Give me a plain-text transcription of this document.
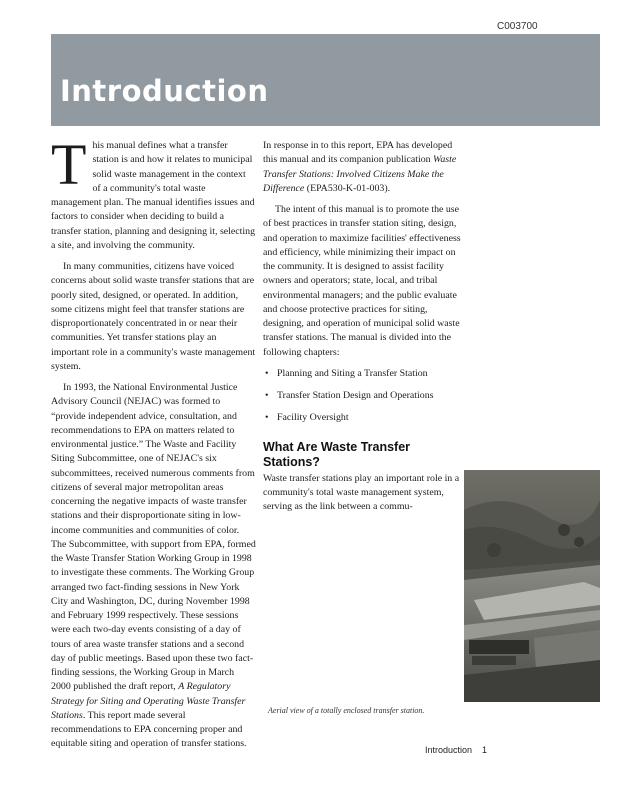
C003700
Introduction

This manual defines what a transfer station is and how it relates to municipal solid waste management in the context of a community's total waste management plan. The manual identifies issues and factors to consider when deciding to build a transfer station, planning and designing it, selecting a site, and involving the community.

In many communities, citizens have voiced concerns about solid waste transfer stations that are poorly sited, designed, or operated. In addition, some citizens might feel that transfer stations are disproportionately concentrated in or near their communities. Yet transfer stations play an important role in a community's waste management system.

In 1993, the National Environmental Justice Advisory Council (NEJAC) was formed to “provide independent advice, consultation, and recommendations to EPA on matters related to environmental justice.” The Waste and Facility Siting Subcommittee, one of NEJAC's six subcommittees, received numerous comments from citizens of several major metropolitan areas concerning the negative impacts of waste transfer stations and their disproportionate siting in low-income communities and communities of color. The Subcommittee, with support from EPA, formed the Waste Transfer Station Working Group in 1998 to investigate these comments. The Working Group arranged two fact-finding sessions in New York City and Washington, DC, during November 1998 and February 1999 respectively. These sessions were each two-day events consisting of a day of tours of area waste transfer stations and a second day of public meetings. Based upon these two fact-finding sessions, the Working Group in March 2000 published the draft report, A Regulatory Strategy for Siting and Operating Waste Transfer Stations. This report made several recommendations to EPA concerning proper and equitable siting and operation of transfer stations.

In response in to this report, EPA has developed this manual and its companion publication Waste Transfer Stations: Involved Citizens Make the Difference (EPA530-K-01-003).

The intent of this manual is to promote the use of best practices in transfer station siting, design, and operation to maximize facilities' effectiveness and efficiency, while minimizing their impact on the community. It is designed to assist facility owners and operators; state, local, and tribal environmental managers; and the public evaluate and choose protective practices for siting, designing, and operation of municipal solid waste transfer stations. The manual is divided into the following chapters:

• Planning and Siting a Transfer Station
• Transfer Station Design and Operations
• Facility Oversight
What Are Waste Transfer Stations?

Waste transfer stations play an important role in a community's total waste management system, serving as the link between a commu-

Aerial view of a totally enclosed transfer station.
Introduction 1
